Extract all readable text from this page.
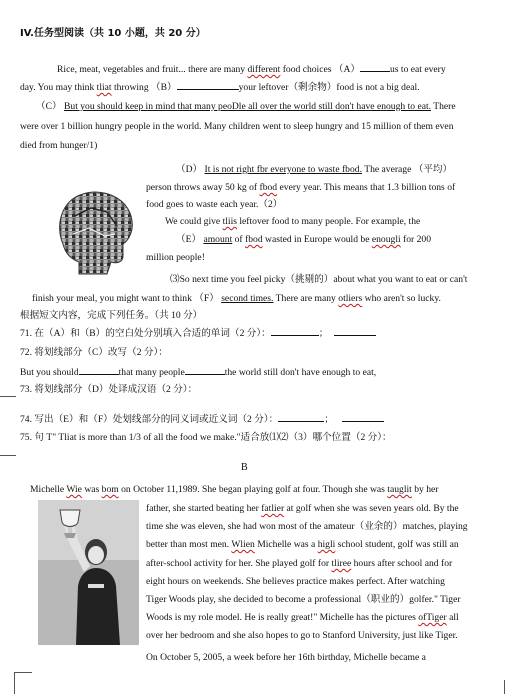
IV.任务型阅读（共 10 小题，共 20 分）
Rice, meat, vegetables and fruit... there are many different food choices （A）	us to eat every
day. You may think tliat throwing （B）	your leftover（剩余物）food is not a big deal.
（C） But you should keep in mind that many peoDle all over the world still don't have enough to eat. There
were over 1 billion hungry people in the world. Many children went to sleep hungry and 15 million of them even
died from hunger/1)
（D） It is not right fbr everyone to waste fbod. The average （平均）
person throws away 50 kg of fbod every year. This means that 1.3 billion tons of
food goes to waste each year.（2）
We could give tliis leftover food to many people. For example, the
（E） amount of fbod wasted in Europe would be enougli for 200
million people!
⑶So next time you feel picky（挑剔的）about what you want to eat or can't
finish your meal, you might want to think （F） second times. There are many otliers who aren't so lucky.
根据短文内容，完成下列任务。（共 10 分）
71. 在（A）和（B）的空白处分别填入合适的单词（2 分）：	；
72. 将划线部分（C）改写（2 分）：
But you should	that many people	the world still don't have enough to eat,
73. 将划线部分（D）处译成汉语（2 分）：
74. 写出（E）和（F）处划线部分的同义词或近义词（2 分）：	；
75. 句 T" Tliat is more than 1/3 of all the food we make."适合放⑴⑵（3）哪个位置（2 分）：
B
Michelle Wie was bom on October 11,1989. She began playing golf at four. Though she was tauglit by her
father, she started beating her fatlier at golf when she was seven years old. By the
time she was eleven, she had won most of the amateur（业余的）matches, playing
better than most men. Wlien Michelle was a higli school student, golf was still an
after-school activity for her. She played golf for tliree hours after school and for
eight hours on weekends. She believes practice makes perfect. After watching
Tiger Woods play, she decided to become a professional（职业的）golfer." Tiger
Woods is my role model. He is really great!" Michelle has the pictures ofTiger all
over her bedroom and she also hopes to go to Stanford University, just like Tiger.
On October 5, 2005, a week before her 16th birthday, Michelle became a
